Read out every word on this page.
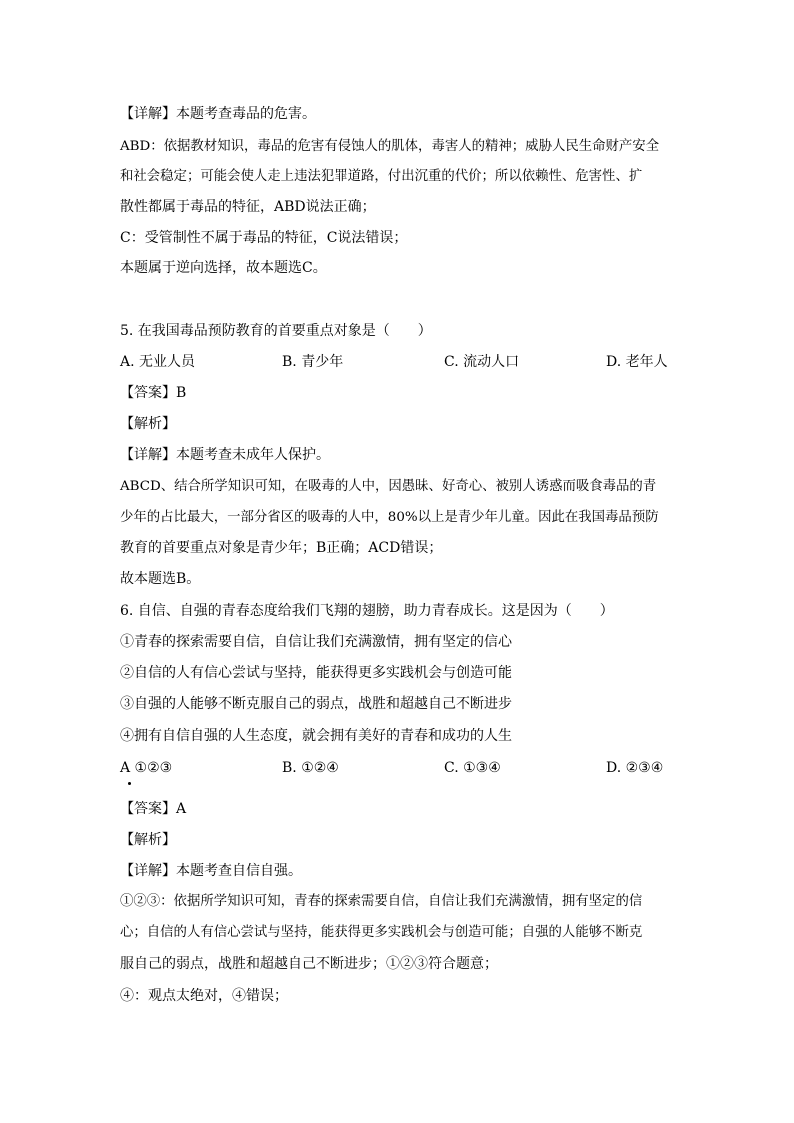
【详解】本题考查毒品的危害。
ABD：依据教材知识，毒品的危害有侵蚀人的肌体，毒害人的精神；威胁人民生命财产安全
和社会稳定；可能会使人走上违法犯罪道路，付出沉重的代价；所以依赖性、危害性、扩
散性都属于毒品的特征，ABD说法正确；
C：受管制性不属于毒品的特征，C说法错误；
本题属于逆向选择，故本题选C。
5. 在我国毒品预防教育的首要重点对象是（　　）
A. 无业人员	B. 青少年	C. 流动人口	D. 老年人
【答案】B
【解析】
【详解】本题考查未成年人保护。
ABCD、结合所学知识可知，在吸毒的人中，因愚昧、好奇心、被别人诱惑而吸食毒品的青
少年的占比最大，一部分省区的吸毒的人中，80%以上是青少年儿童。因此在我国毒品预防
教育的首要重点对象是青少年；B正确；ACD错误；
故本题选B。
6. 自信、自强的青春态度给我们飞翔的翅膀，助力青春成长。这是因为（　　）
①青春的探索需要自信，自信让我们充满激情，拥有坚定的信心
②自信的人有信心尝试与坚持，能获得更多实践机会与创造可能
③自强的人能够不断克服自己的弱点，战胜和超越自己不断进步
④拥有自信自强的人生态度，就会拥有美好的青春和成功的人生
A ①②③	B. ①②④	C. ①③④	D. ②③④
【答案】A
【解析】
【详解】本题考查自信自强。
①②③：依据所学知识可知，青春的探索需要自信，自信让我们充满激情，拥有坚定的信
心；自信的人有信心尝试与坚持，能获得更多实践机会与创造可能；自强的人能够不断克
服自己的弱点，战胜和超越自己不断进步；①②③符合题意；
④：观点太绝对，④错误；
